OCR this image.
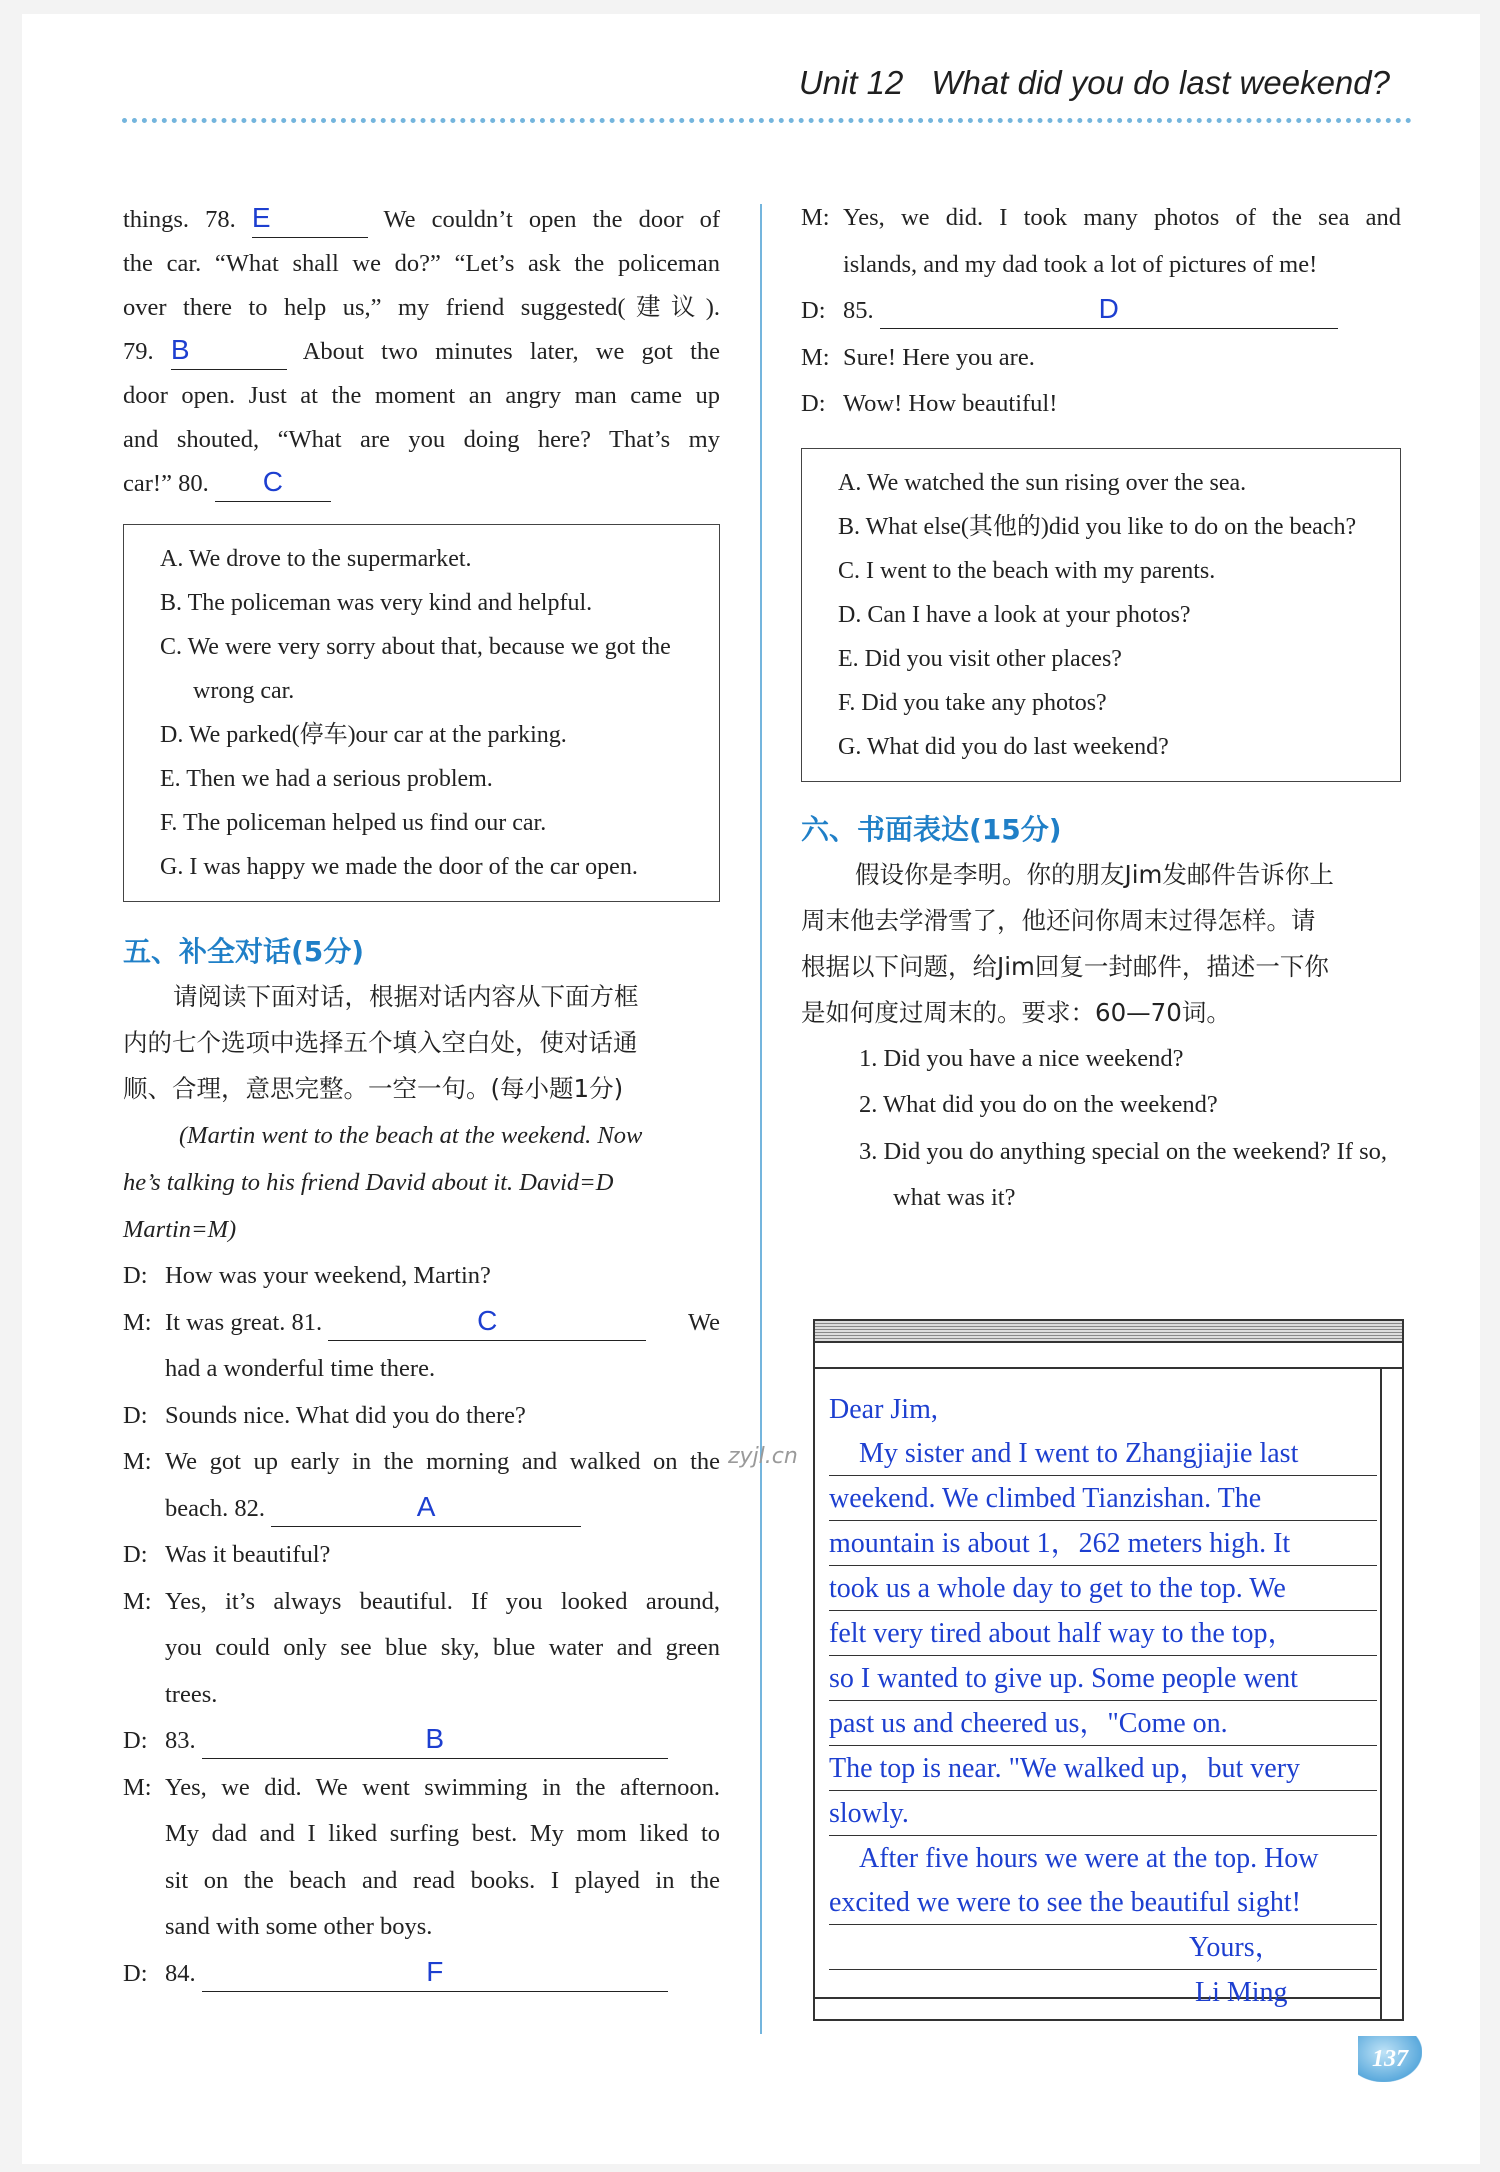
Unit 12 What did you do last weekend?

things. 78. E	We couldn’t open the door of

the car. “What shall we do?” “Let’s ask the policeman

over there to help us,” my friend suggested(建议).

79. B	About two minutes later, we got the

door open. Just at the moment an angry man came up

and shouted, “What are you doing here? That’s my

car!” 80. C

A. We drove to the supermarket.
B. The policeman was very kind and helpful.
C. We were very sorry about that, because we got the wrong car.
D. We parked(停车)our car at the parking.
E. Then we had a serious problem.
F. The policeman helped us find our car.
G. I was happy we made the door of the car open.
五、补全对话(5分)
请阅读下面对话，根据对话内容从下面方框
内的七个选项中选择五个填入空白处，使对话通
顺、合理，意思完整。一空一句。(每小题1分)
(Martin went to the beach at the weekend. Now
he’s talking to his friend David about it. David=D
Martin=M)
D: How was your weekend, Martin?
M: It was great. 81.	C	We
had a wonderful time there.
D: Sounds nice. What did you do there?
M: We got up early in the morning and walked on the
beach. 82.	A
D: Was it beautiful?
M: Yes, it’s always beautiful. If you looked around,
you could only see blue sky, blue water and green
trees.
D: 83.	B
M: Yes, we did. We went swimming in the afternoon.
My dad and I liked surfing best. My mom liked to
sit on the beach and read books. I played in the
sand with some other boys.
D: 84.	F
zyjl.cn
M: Yes, we did. I took many photos of the sea and
islands, and my dad took a lot of pictures of me!
D: 85.	D
M: Sure! Here you are.
D: Wow! How beautiful!
A. We watched the sun rising over the sea.
B. What else(其他的)did you like to do on the beach?
C. I went to the beach with my parents.
D. Can I have a look at your photos?
E. Did you visit other places?
F. Did you take any photos?
G. What did you do last weekend?
六、书面表达(15分)
假设你是李明。你的朋友Jim发邮件告诉你上
周末他去学滑雪了，他还问你周末过得怎样。请
根据以下问题，给Jim回复一封邮件，描述一下你
是如何度过周末的。要求：60—70词。
1. Did you have a nice weekend?
2. What did you do on the weekend?
3. Did you do anything special on the weekend? If so, what was it?
Dear Jim,
My sister and I went to Zhangjiajie last
weekend. We climbed Tianzishan. The
mountain is about 1，262 meters high. It
took us a whole day to get to the top. We
felt very tired about half way to the top，
so I wanted to give up. Some people went
past us and cheered us，"Come on.
The top is near. "We walked up，but very
slowly.
After five hours we were at the top. How
excited we were to see the beautiful sight!
Yours，
Li Ming
137
